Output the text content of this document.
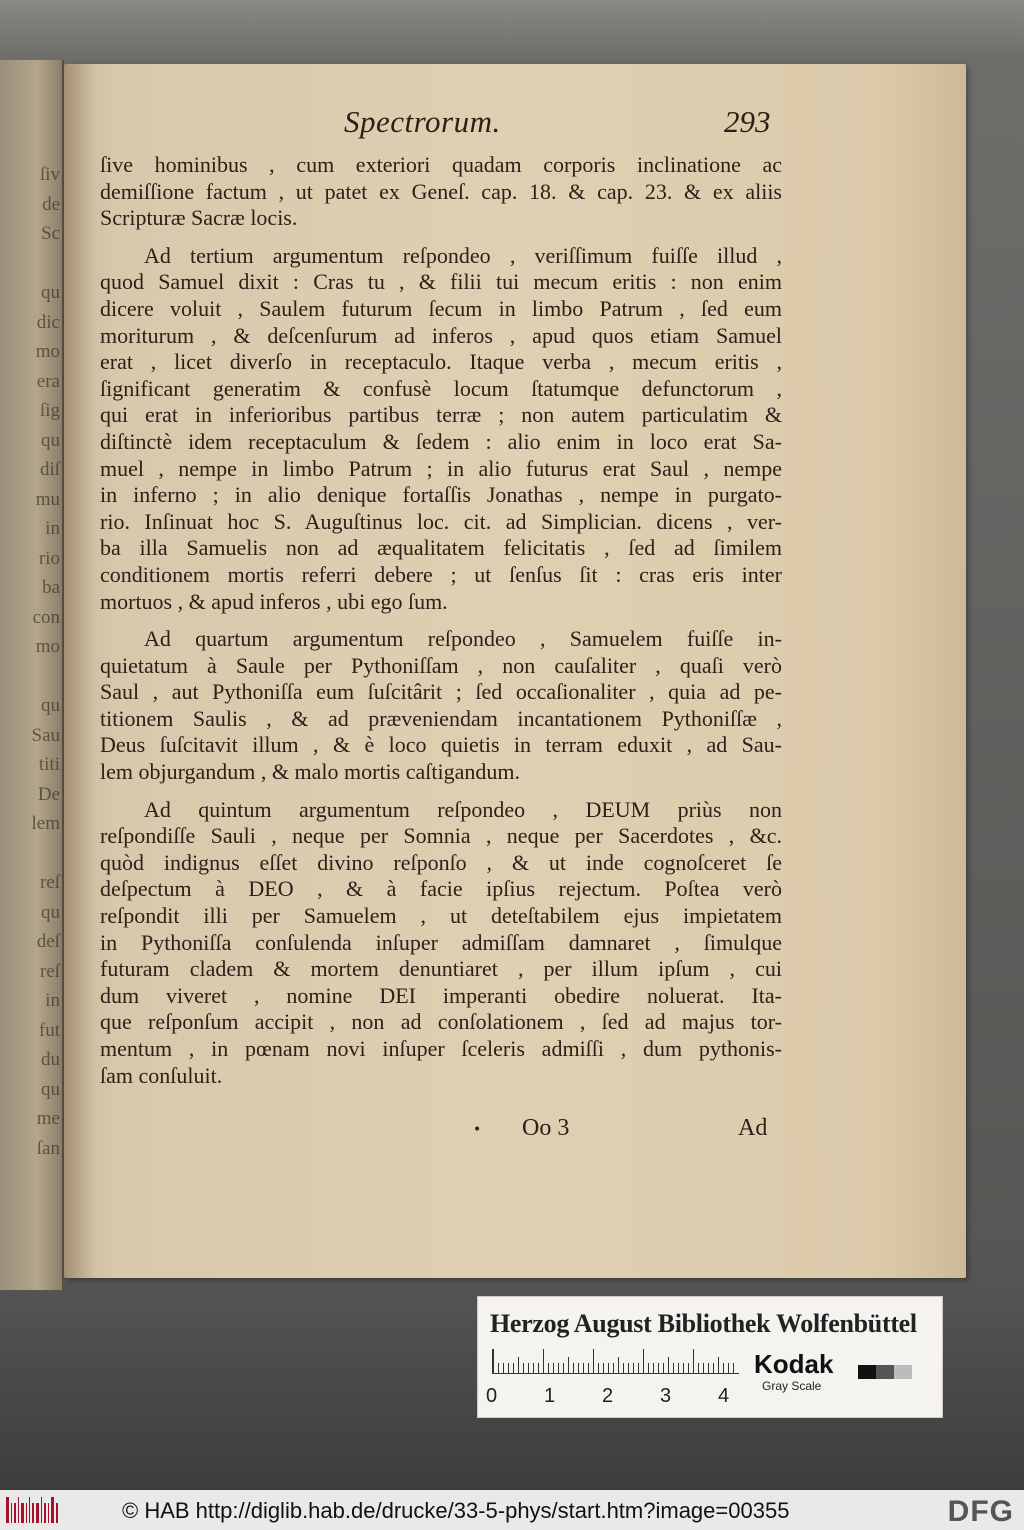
ſiv
de
Sc
qu
dic
mo
era
ſig
qu
diſ
mu
in
rio
ba
con
mo
qu
Sau
titi
De
lem
reſ
qu
deſ
reſ
in
fut
du
qu
me
ſan
Spectrorum.	293
ſive hominibus , cum exteriori quadam corporis inclinatione ac
demiſſione factum , ut patet ex Geneſ. cap. 18. & cap. 23. & ex aliis
Scripturæ Sacræ locis.
Ad tertium argumentum reſpondeo , veriſſimum fuiſſe illud ,
quod Samuel dixit : Cras tu , & filii tui mecum eritis : non enim
dicere voluit , Saulem futurum ſecum in limbo Patrum , ſed eum
moriturum , & deſcenſurum ad inferos , apud quos etiam Samuel
erat , licet diverſo in receptaculo. Itaque verba , mecum eritis ,
ſignificant generatim & confusè locum ſtatumque defunctorum ,
qui erat in inferioribus partibus terræ ; non autem particulatim &
diſtinctè idem receptaculum & ſedem : alio enim in loco erat Sa-
muel , nempe in limbo Patrum ; in alio futurus erat Saul , nempe
in inferno ; in alio denique fortaſſis Jonathas , nempe in purgato-
rio. Inſinuat hoc S. Auguſtinus loc. cit. ad Simplician. dicens , ver-
ba illa Samuelis non ad æqualitatem felicitatis , ſed ad ſimilem
conditionem mortis referri debere ; ut ſenſus ſit : cras eris inter
mortuos , & apud inferos , ubi ego ſum.
Ad quartum argumentum reſpondeo , Samuelem fuiſſe in-
quietatum à Saule per Pythoniſſam , non cauſaliter , quaſi verò
Saul , aut Pythoniſſa eum ſuſcitârit ; ſed occaſionaliter , quia ad pe-
titionem Saulis , & ad præveniendam incantationem Pythoniſſæ ,
Deus ſuſcitavit illum , & è loco quietis in terram eduxit , ad Sau-
lem objurgandum , & malo mortis caſtigandum.
Ad quintum argumentum reſpondeo , DEUM priùs non
reſpondiſſe Sauli , neque per Somnia , neque per Sacerdotes , &c.
quòd indignus eſſet divino reſponſo , & ut inde cognoſceret ſe
deſpectum à DEO , & à facie ipſius rejectum. Poſtea verò
reſpondit illi per Samuelem , ut deteſtabilem ejus impietatem
in Pythoniſſa conſulenda inſuper admiſſam damnaret , ſimulque
futuram cladem & mortem denuntiaret , per illum ipſum , cui
dum viveret , nomine DEI imperanti obedire noluerat. Ita-
que reſponſum accipit , non ad conſolationem , ſed ad majus tor-
mentum , in pœnam novi inſuper ſceleris admiſſi , dum pythonis-
ſam conſuluit.
• Oo 3	Ad
Herzog August Bibliothek Wolfenbüttel
0 1 2 3 4
Kodak
Gray Scale
© HAB http://diglib.hab.de/drucke/33-5-phys/start.htm?image=00355	DFG
